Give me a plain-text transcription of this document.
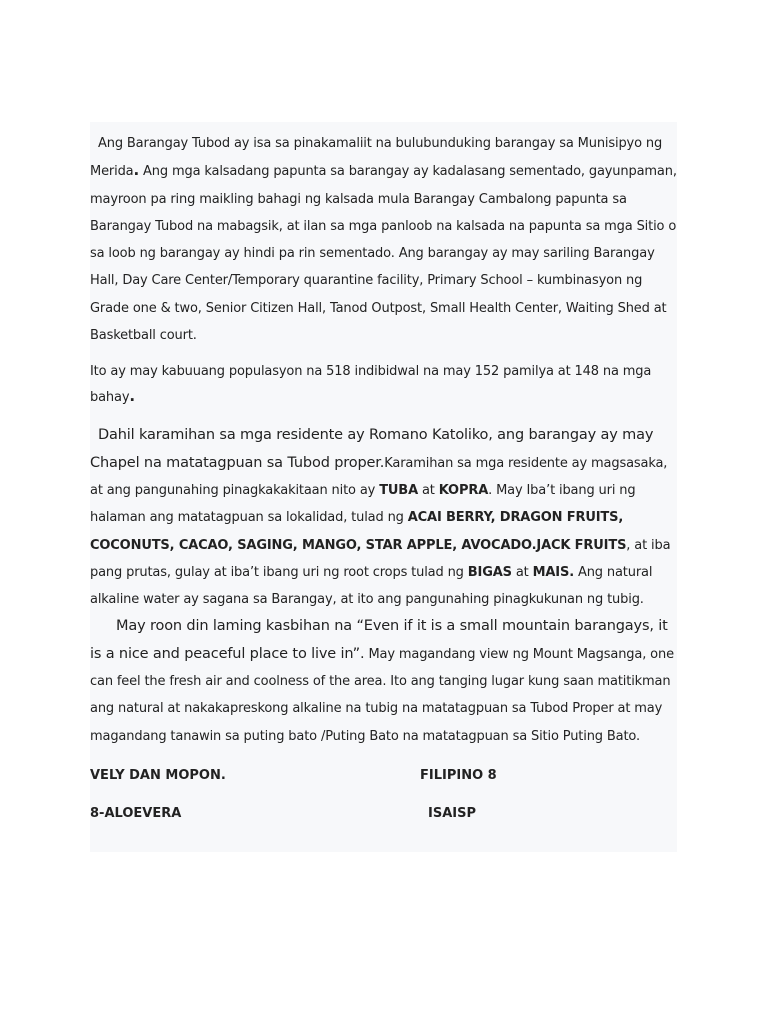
Ang Barangay Tubod ay isa sa pinakamaliit na bulubunduking barangay sa Munisipyo ng Merida. Ang mga kalsadang papunta sa barangay ay kadalasang sementado, gayunpaman, mayroon pa ring maikling bahagi ng kalsada mula Barangay Cambalong papunta sa Barangay Tubod na mabagsik, at ilan sa mga panloob na kalsada na papunta sa mga Sitio o sa loob ng barangay ay hindi pa rin sementado. Ang barangay ay may sariling Barangay Hall, Day Care Center/Temporary quarantine facility, Primary School – kumbinasyon ng Grade one & two, Senior Citizen Hall, Tanod Outpost, Small Health Center, Waiting Shed at Basketball court.

Ito ay may kabuuang populasyon na 518 indibidwal na may 152 pamilya at 148 na mga bahay.

Dahil karamihan sa mga residente ay Romano Katoliko, ang barangay ay may Chapel na matatagpuan sa Tubod proper.Karamihan sa mga residente ay magsasaka, at ang pangunahing pinagkakakitaan nito ay TUBA at KOPRA. May Iba’t ibang uri ng halaman ang matatagpuan sa lokalidad, tulad ng ACAI BERRY, DRAGON FRUITS, COCONUTS, CACAO, SAGING, MANGO, STAR APPLE, AVOCADO.JACK FRUITS, at iba pang prutas, gulay at iba’t ibang uri ng root crops tulad ng BIGAS at MAIS. Ang natural alkaline water ay sagana sa Barangay, at ito ang pangunahing pinagkukunan ng tubig.

May roon din laming kasbihan na “Even if it is a small mountain barangays, it is a nice and peaceful place to live in”. May magandang view ng Mount Magsanga, one can feel the fresh air and coolness of the area. Ito ang tanging lugar kung saan matitikman ang natural at nakakapreskong alkaline na tubig na matatagpuan sa Tubod Proper at may magandang tanawin sa puting bato /Puting Bato na matatagpuan sa Sitio Puting Bato.

VELY DAN MOPON.	FILIPINO 8
8-ALOEVERA	ISAISP
